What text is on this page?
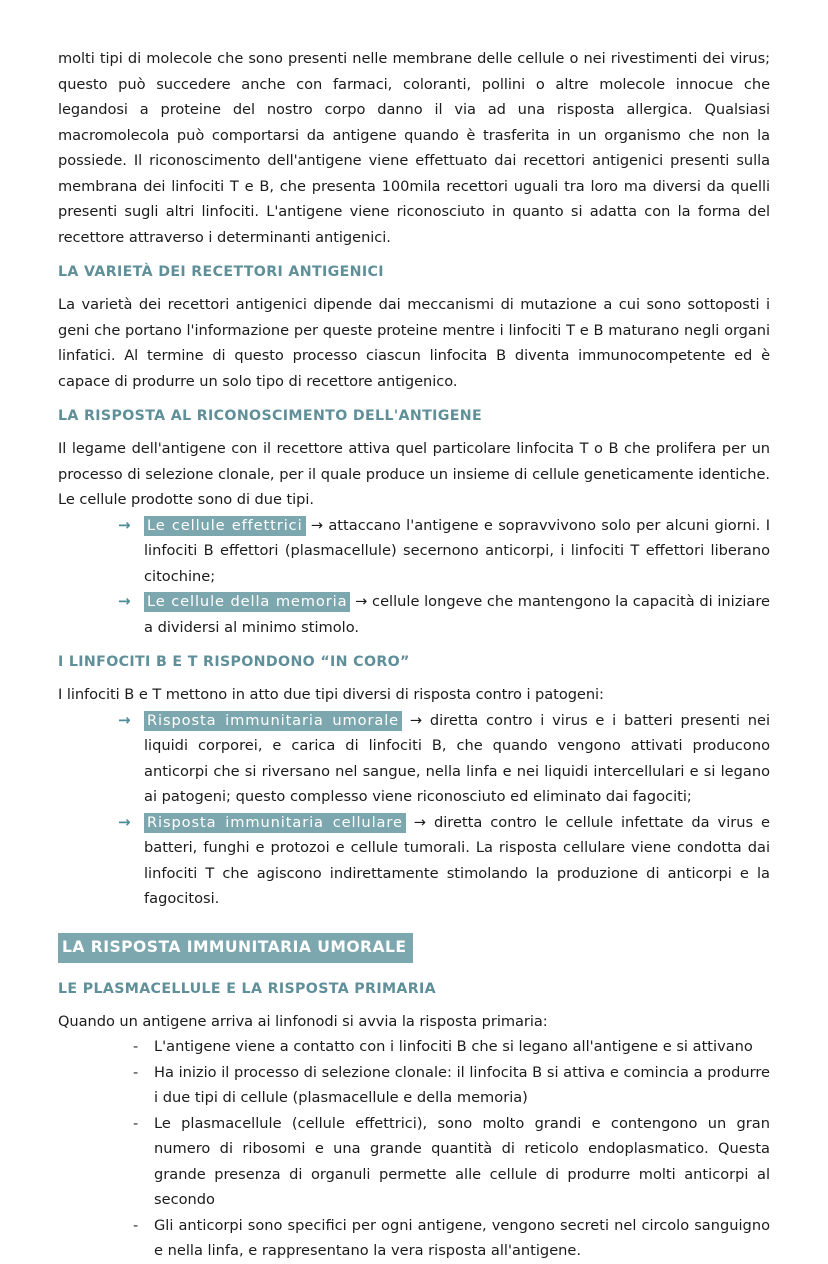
molti tipi di molecole che sono presenti nelle membrane delle cellule o nei rivestimenti dei virus; questo può succedere anche con farmaci, coloranti, pollini o altre molecole innocue che legandosi a proteine del nostro corpo danno il via ad una risposta allergica. Qualsiasi macromolecola può comportarsi da antigene quando è trasferita in un organismo che non la possiede. Il riconoscimento dell'antigene viene effettuato dai recettori antigenici presenti sulla membrana dei linfociti T e B, che presenta 100mila recettori uguali tra loro ma diversi da quelli presenti sugli altri linfociti. L'antigene viene riconosciuto in quanto si adatta con la forma del recettore attraverso i determinanti antigenici.

LA VARIETÀ DEI RECETTORI ANTIGENICI

La varietà dei recettori antigenici dipende dai meccanismi di mutazione a cui sono sottoposti i geni che portano l'informazione per queste proteine mentre i linfociti T e B maturano negli organi linfatici. Al termine di questo processo ciascun linfocita B diventa immunocompetente ed è capace di produrre un solo tipo di recettore antigenico.

LA RISPOSTA AL RICONOSCIMENTO DELL'ANTIGENE

Il legame dell'antigene con il recettore attiva quel particolare linfocita T o B che prolifera per un processo di selezione clonale, per il quale produce un insieme di cellule geneticamente identiche. Le cellule prodotte sono di due tipi.

→ Le cellule effettrici → attaccano l'antigene e sopravvivono solo per alcuni giorni. I linfociti B effettori (plasmacellule) secernono anticorpi, i linfociti T effettori liberano citochine;
→ Le cellule della memoria → cellule longeve che mantengono la capacità di iniziare a dividersi al minimo stimolo.
I LINFOCITI B E T RISPONDONO “IN CORO”

I linfociti B e T mettono in atto due tipi diversi di risposta contro i patogeni:

→ Risposta immunitaria umorale → diretta contro i virus e i batteri presenti nei liquidi corporei, e carica di linfociti B, che quando vengono attivati producono anticorpi che si riversano nel sangue, nella linfa e nei liquidi intercellulari e si legano ai patogeni; questo complesso viene riconosciuto ed eliminato dai fagociti;
→ Risposta immunitaria cellulare → diretta contro le cellule infettate da virus e batteri, funghi e protozoi e cellule tumorali. La risposta cellulare viene condotta dai linfociti T che agiscono indirettamente stimolando la produzione di anticorpi e la fagocitosi.
LA RISPOSTA IMMUNITARIA UMORALE
LE PLASMACELLULE E LA RISPOSTA PRIMARIA

Quando un antigene arriva ai linfonodi si avvia la risposta primaria:

- L'antigene viene a contatto con i linfociti B che si legano all'antigene e si attivano
- Ha inizio il processo di selezione clonale: il linfocita B si attiva e comincia a produrre i due tipi di cellule (plasmacellule e della memoria)
- Le plasmacellule (cellule effettrici), sono molto grandi e contengono un gran numero di ribosomi e una grande quantità di reticolo endoplasmatico. Questa grande presenza di organuli permette alle cellule di produrre molti anticorpi al secondo
- Gli anticorpi sono specifici per ogni antigene, vengono secreti nel circolo sanguigno e nella linfa, e rappresentano la vera risposta all'antigene.
